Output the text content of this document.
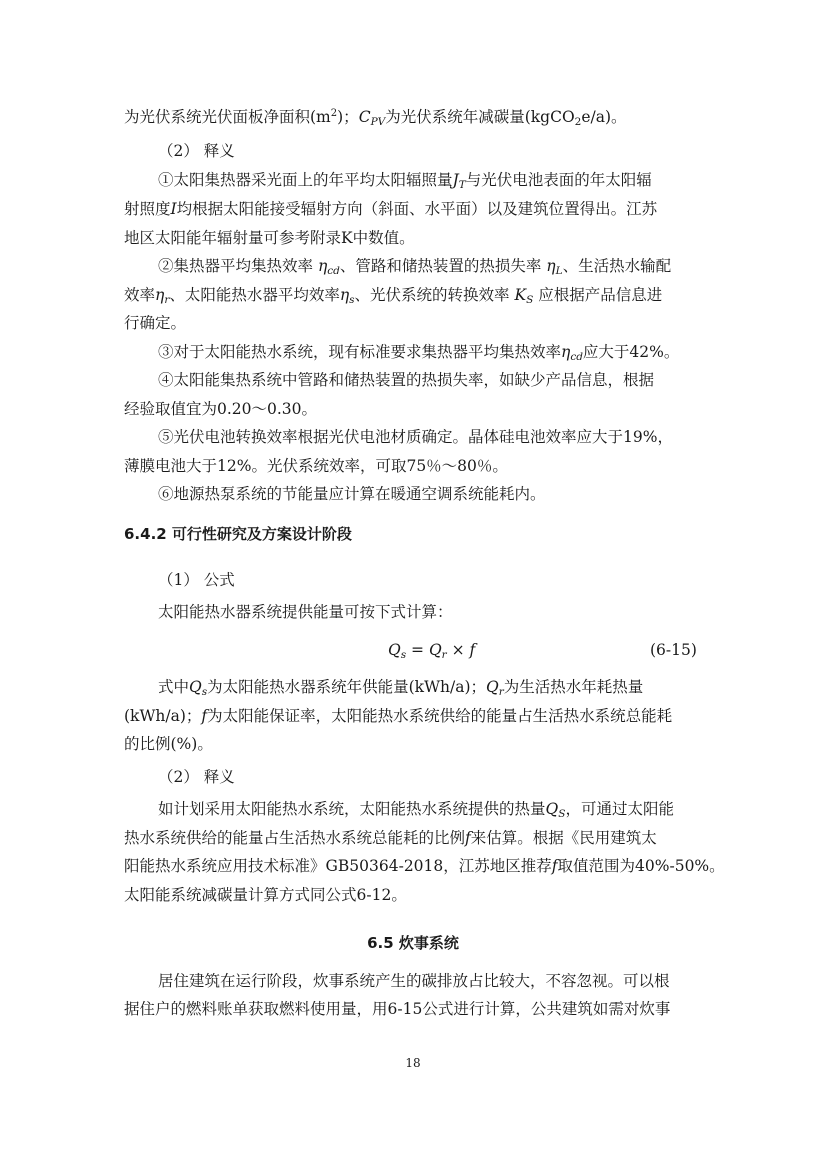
为光伏系统光伏面板净面积$(m^2)$；$C_{PV}$为光伏系统年减碳量(kgCO2e/a)。
（2） 释义
①太阳集热器采光面上的年平均太阳辐照量$J_T$与光伏电池表面的年太阳辐
射照度I均根据太阳能接受辐射方向（斜面、水平面）以及建筑位置得出。江苏
地区太阳能年辐射量可参考附录K中数值。
②集热器平均集热效率 $\eta_{cd}$、管路和储热装置的热损失率 $\eta_L$、生活热水输配
效率$\eta_r$、太阳能热水器平均效率$\eta_s$、光伏系统的转换效率 $K_S$ 应根据产品信息进
行确定。
③对于太阳能热水系统，现有标准要求集热器平均集热效率$\eta_{cd}$应大于42%。
④太阳能集热系统中管路和储热装置的热损失率，如缺少产品信息，根据
经验取值宜为0.20～0.30。
⑤光伏电池转换效率根据光伏电池材质确定。晶体硅电池效率应大于19%，
薄膜电池大于12%。光伏系统效率，可取75％～80％。
⑥地源热泵系统的节能量应计算在暖通空调系统能耗内。
6.4.2 可行性研究及方案设计阶段
（1） 公式
太阳能热水器系统提供能量可按下式计算：
$Q_s = Q_r \times f$	(6-15)
式中$Q_s$为太阳能热水器系统年供能量(kWh/a)；$Q_r$为生活热水年耗热量
(kWh/a)；f为太阳能保证率，太阳能热水系统供给的能量占生活热水系统总能耗
的比例(%)。
（2） 释义
如计划采用太阳能热水系统，太阳能热水系统提供的热量$Q_S$，可通过太阳能
热水系统供给的能量占生活热水系统总能耗的比例f来估算。根据《民用建筑太
阳能热水系统应用技术标准》GB50364-2018，江苏地区推荐f取值范围为40%-50%。
太阳能系统减碳量计算方式同公式6-12。
6.5 炊事系统
居住建筑在运行阶段，炊事系统产生的碳排放占比较大，不容忽视。可以根
据住户的燃料账单获取燃料使用量，用6-15公式进行计算，公共建筑如需对炊事
18
